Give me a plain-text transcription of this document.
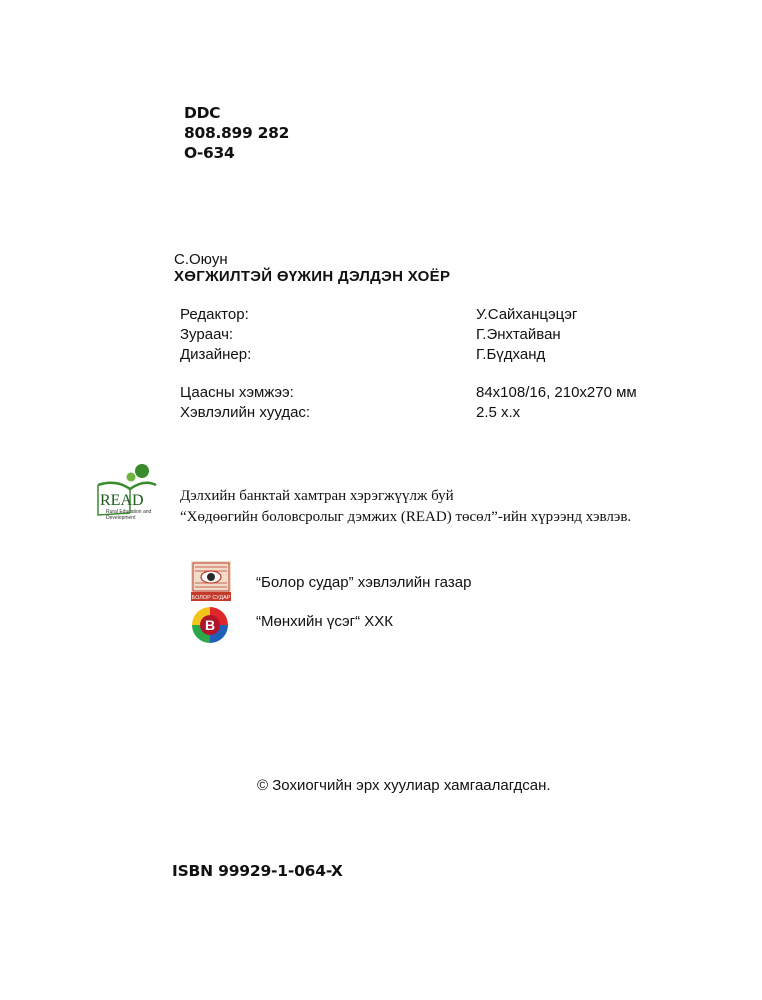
DDC
808.899 282
О-634
С.Оюун
ХӨГЖИЛТЭЙ ӨҮЖИН ДЭЛДЭН ХОЁР
Редактор:	У.Сайханцэцэг
Зураач:	Г.Энхтайван
Дизайнер:	Г.Бүдханд
Цаасны хэмжээ:	84х108/16, 210х270 мм
Хэвлэлийн хуудас:	2.5 х.х
READ
Rural Education and
Development
Дэлхийн банктай хамтран хэрэгжүүлж буй
“Хөдөөгийн боловсролыг дэмжих (READ) төсөл”-ийн хүрээнд хэвлэв.
БОЛОР СУДАР
“Болор судар” хэвлэлийн газар
B	“Мөнхийн үсэг“ ХХК
© Зохиогчийн эрх хуулиар хамгаалагдсан.
ISBN 99929-1-064-X
